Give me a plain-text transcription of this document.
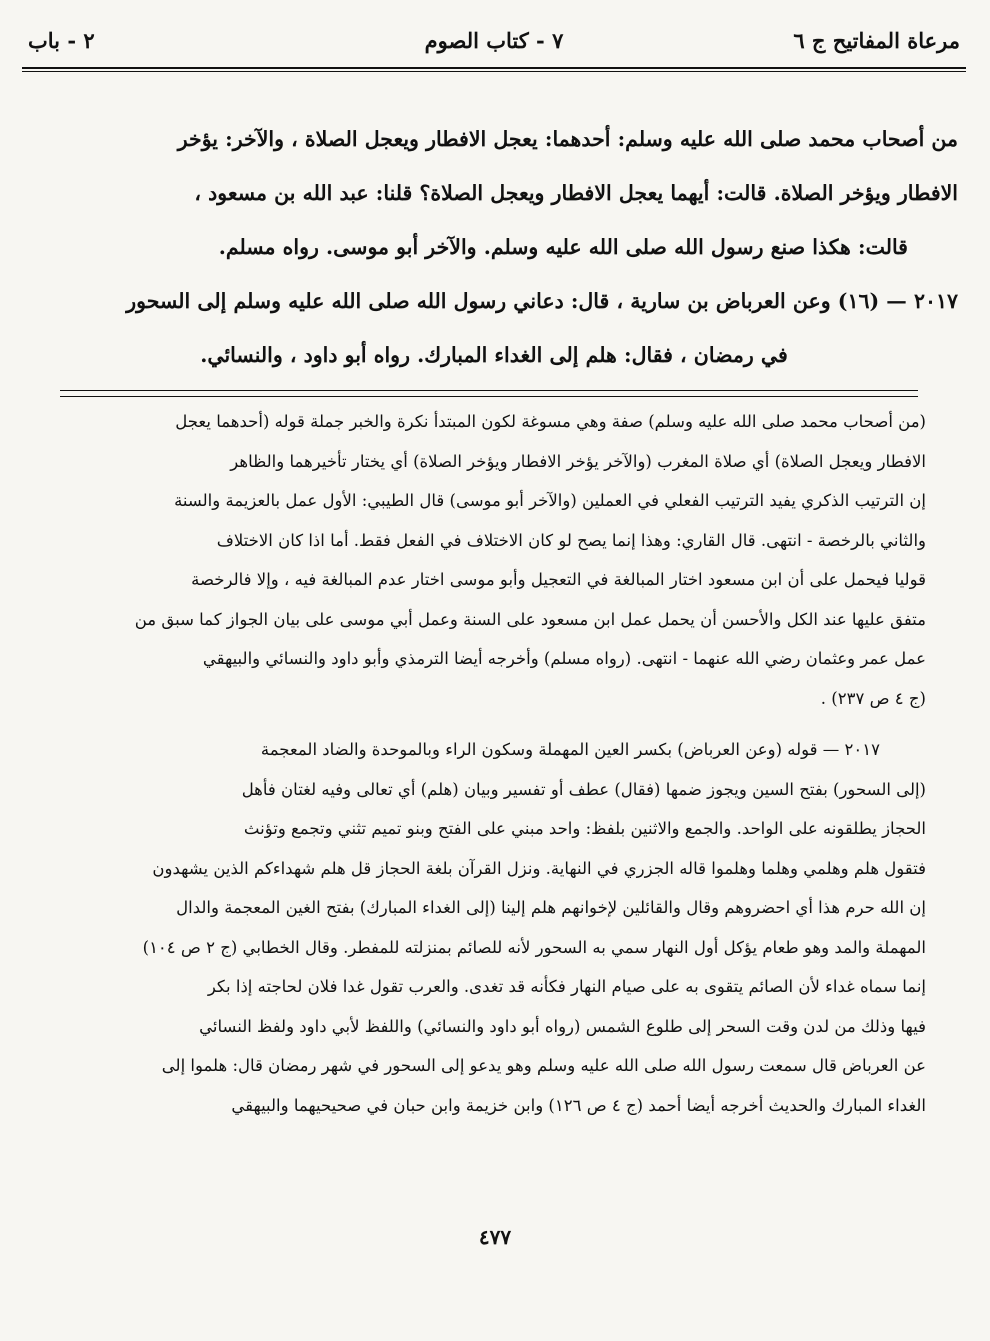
مرعاة المفاتيح ج ٦
٧ - كتاب الصوم
٢ - باب
من أصحاب محمد صلى الله عليه وسلم: أحدهما: يعجل الافطار ويعجل الصلاة ، والآخر: يؤخر
الافطار ويؤخر الصلاة. قالت: أيهما يعجل الافطار ويعجل الصلاة؟ قلنا: عبد الله بن مسعود ،
قالت: هكذا صنع رسول الله صلى الله عليه وسلم. والآخر أبو موسى. رواه مسلم.
٢٠١٧ — (١٦) وعن العرباض بن سارية ، قال: دعاني رسول الله صلى الله عليه وسلم إلى السحور
في رمضان ، فقال: هلم إلى الغداء المبارك. رواه أبو داود ، والنسائي.
(من أصحاب محمد صلى الله عليه وسلم) صفة وهي مسوغة لكون المبتدأ نكرة والخبر جملة قوله (أحدهما يعجل
الافطار ويعجل الصلاة) أي صلاة المغرب (والآخر يؤخر الافطار ويؤخر الصلاة) أي يختار تأخيرهما والظاهر
إن الترتيب الذكري يفيد الترتيب الفعلي في العملين (والآخر أبو موسى) قال الطيبي: الأول عمل بالعزيمة والسنة
والثاني بالرخصة - انتهى. قال القاري: وهذا إنما يصح لو كان الاختلاف في الفعل فقط. أما اذا كان الاختلاف
قوليا فيحمل على أن ابن مسعود اختار المبالغة في التعجيل وأبو موسى اختار عدم المبالغة فيه ، وإلا فالرخصة
متفق عليها عند الكل والأحسن أن يحمل عمل ابن مسعود على السنة وعمل أبي موسى على بيان الجواز كما سبق من
عمل عمر وعثمان رضي الله عنهما - انتهى. (رواه مسلم) وأخرجه أيضا الترمذي وأبو داود والنسائي والبيهقي
(ج ٤ ص ٢٣٧) .
٢٠١٧ — قوله (وعن العرباض) بكسر العين المهملة وسكون الراء وبالموحدة والضاد المعجمة
(إلى السحور) بفتح السين ويجوز ضمها (فقال) عطف أو تفسير وبيان (هلم) أي تعالى وفيه لغتان فأهل
الحجاز يطلقونه على الواحد. والجمع والاثنين بلفظ: واحد مبني على الفتح وبنو تميم تثني وتجمع وتؤنث
فتقول هلم وهلمي وهلما وهلموا قاله الجزري في النهاية. ونزل القرآن بلغة الحجاز قل هلم شهداءكم الذين يشهدون
إن الله حرم هذا أي احضروهم وقال والقائلين لإخوانهم هلم إلينا (إلى الغداء المبارك) بفتح الغين المعجمة والدال
المهملة والمد وهو طعام يؤكل أول النهار سمي به السحور لأنه للصائم بمنزلته للمفطر. وقال الخطابي (ج ٢ ص ١٠٤)
إنما سماه غداء لأن الصائم يتقوى به على صيام النهار فكأنه قد تغدى. والعرب تقول غدا فلان لحاجته إذا بكر
فيها وذلك من لدن وقت السحر إلى طلوع الشمس (رواه أبو داود والنسائي) واللفظ لأبي داود ولفظ النسائي
عن العرباض قال سمعت رسول الله صلى الله عليه وسلم وهو يدعو إلى السحور في شهر رمضان قال: هلموا إلى
الغداء المبارك والحديث أخرجه أيضا أحمد (ج ٤ ص ١٢٦) وابن خزيمة وابن حبان في صحيحيهما والبيهقي
٤٧٧
